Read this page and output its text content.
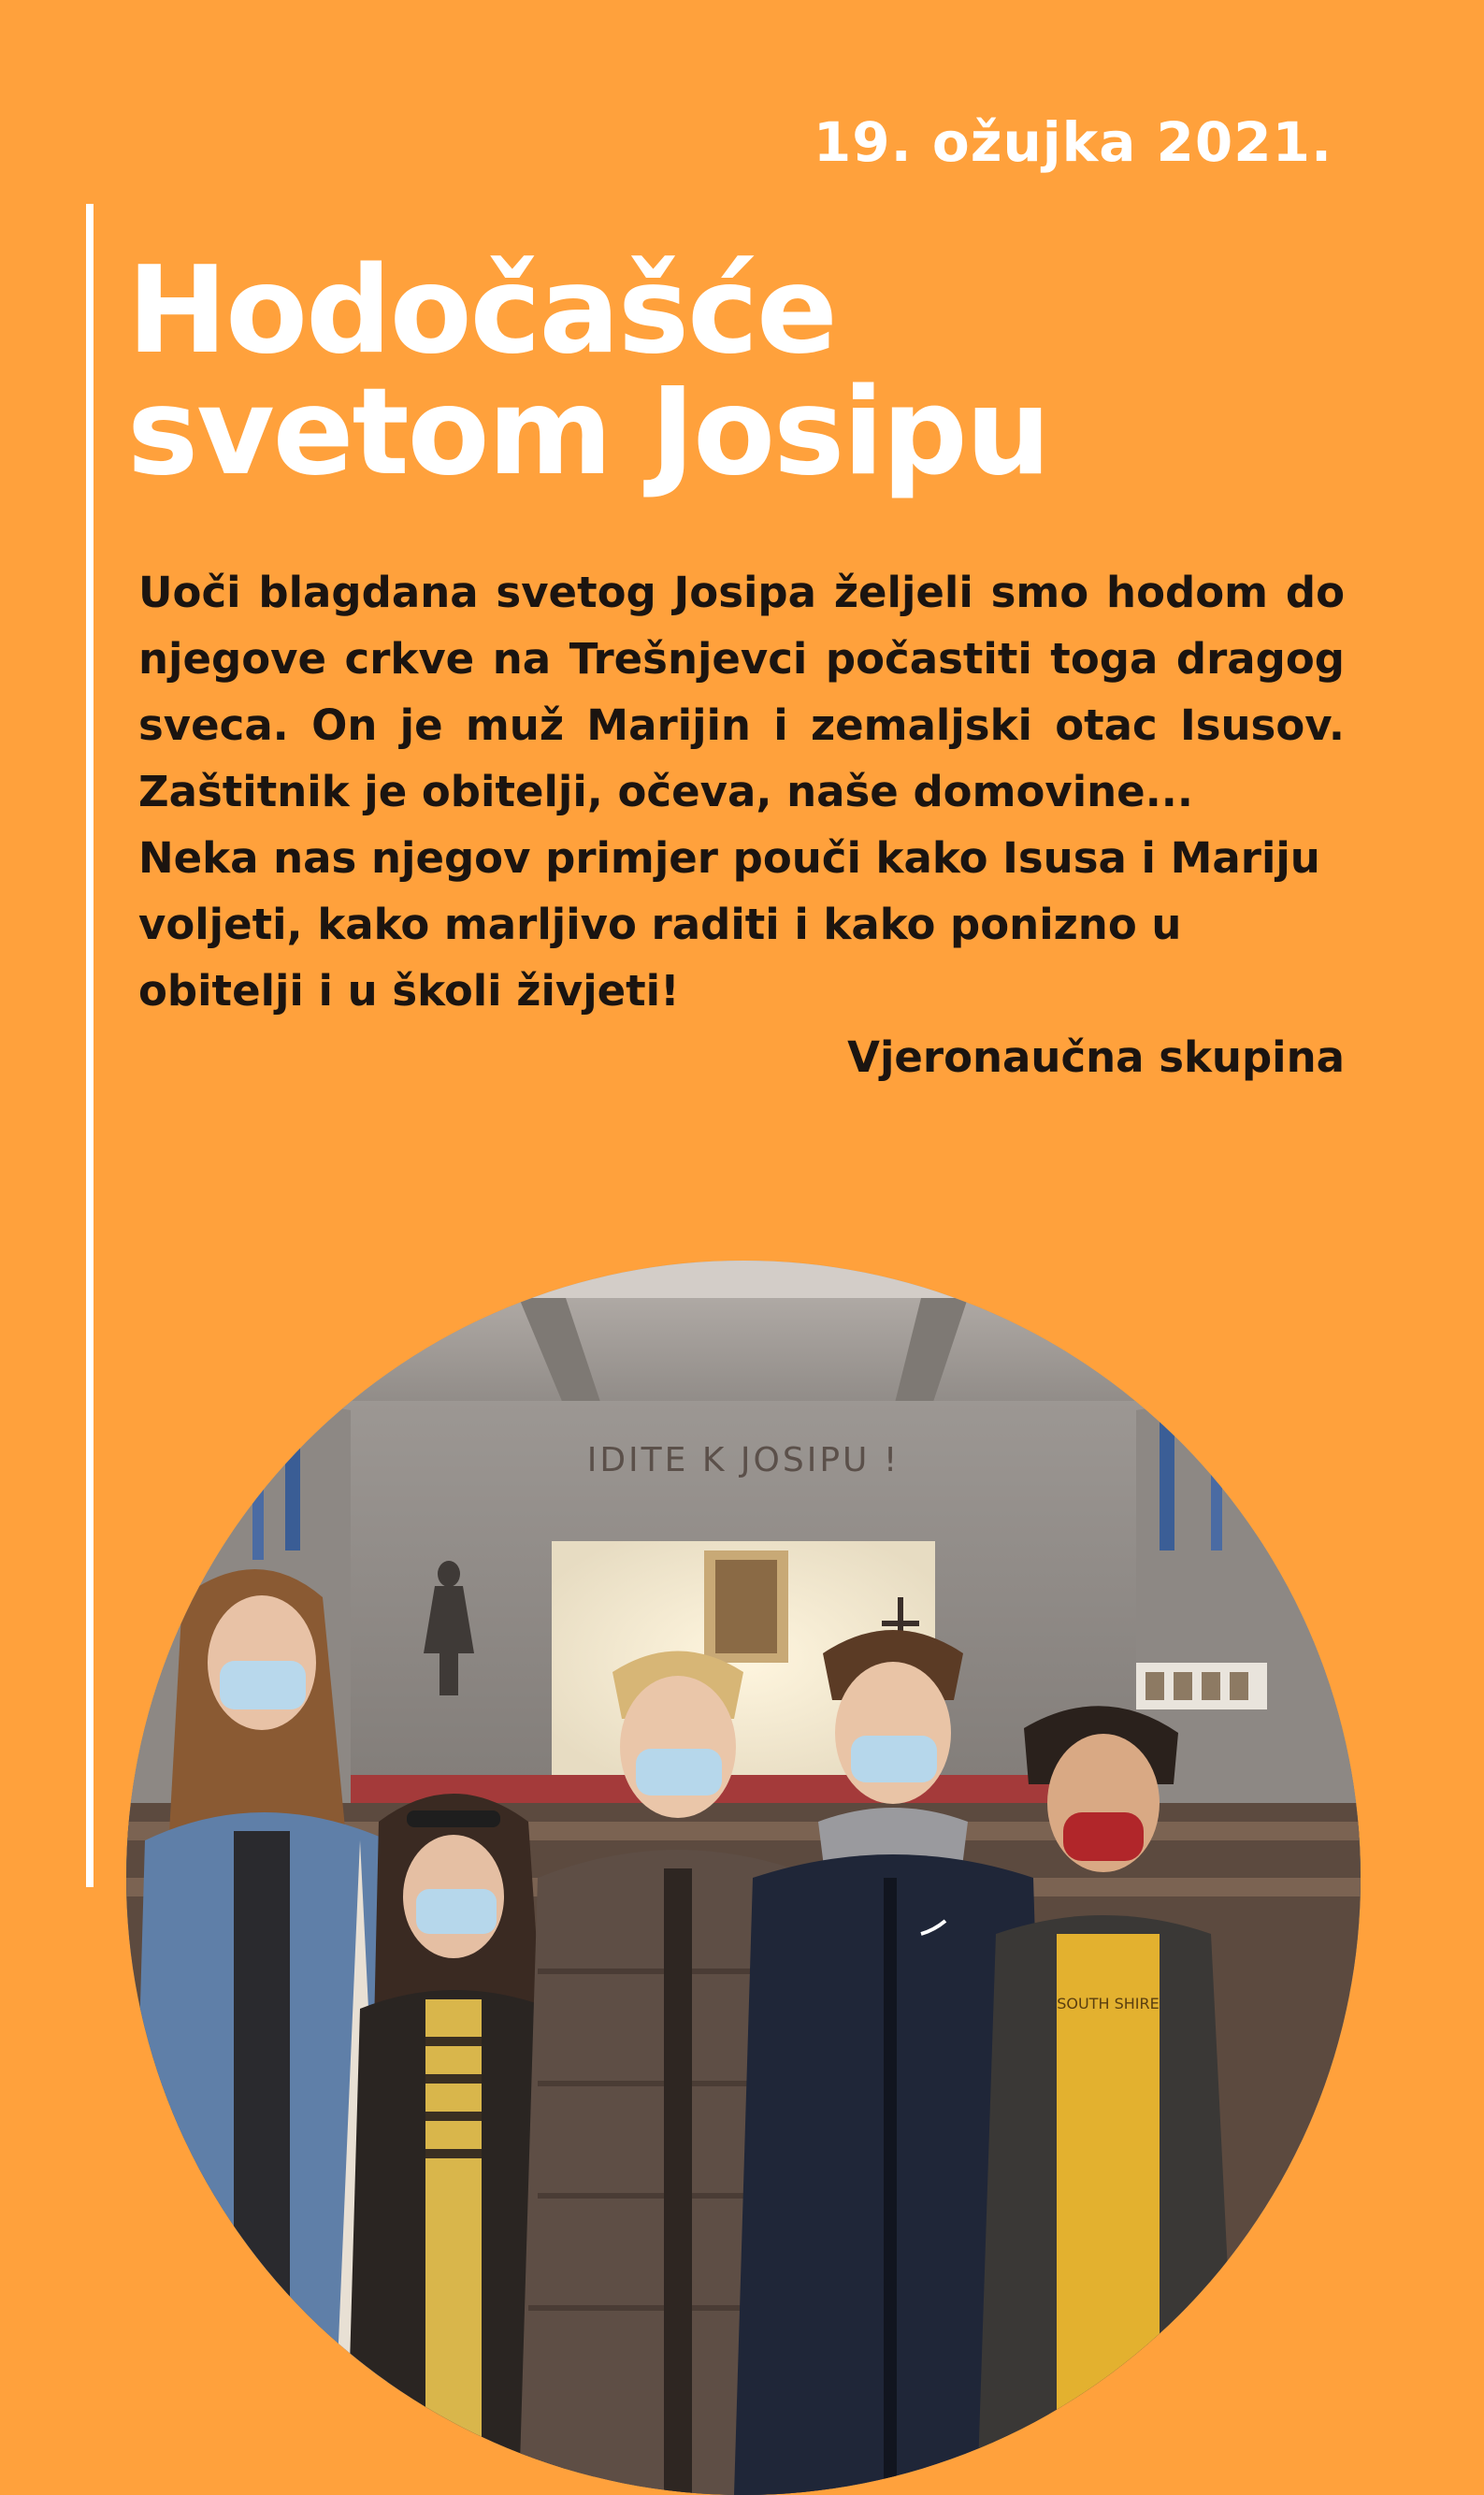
19. ožujka 2021.
Hodočašće
svetom Josipu

Uoči blagdana svetog Josipa željeli smo hodom do njegove crkve na Trešnjevci počastiti toga dragog sveca. On je muž Marijin i zemaljski otac Isusov. Zaštitnik je obitelji, očeva, naše domovine...

Neka nas njegov primjer pouči kako Isusa i Mariju

voljeti, kako marljivo raditi i kako ponizno u

obitelji i u školi živjeti!

Vjeronaučna skupina

IDITE K JOSIPU !
SOUTH SHIRE
